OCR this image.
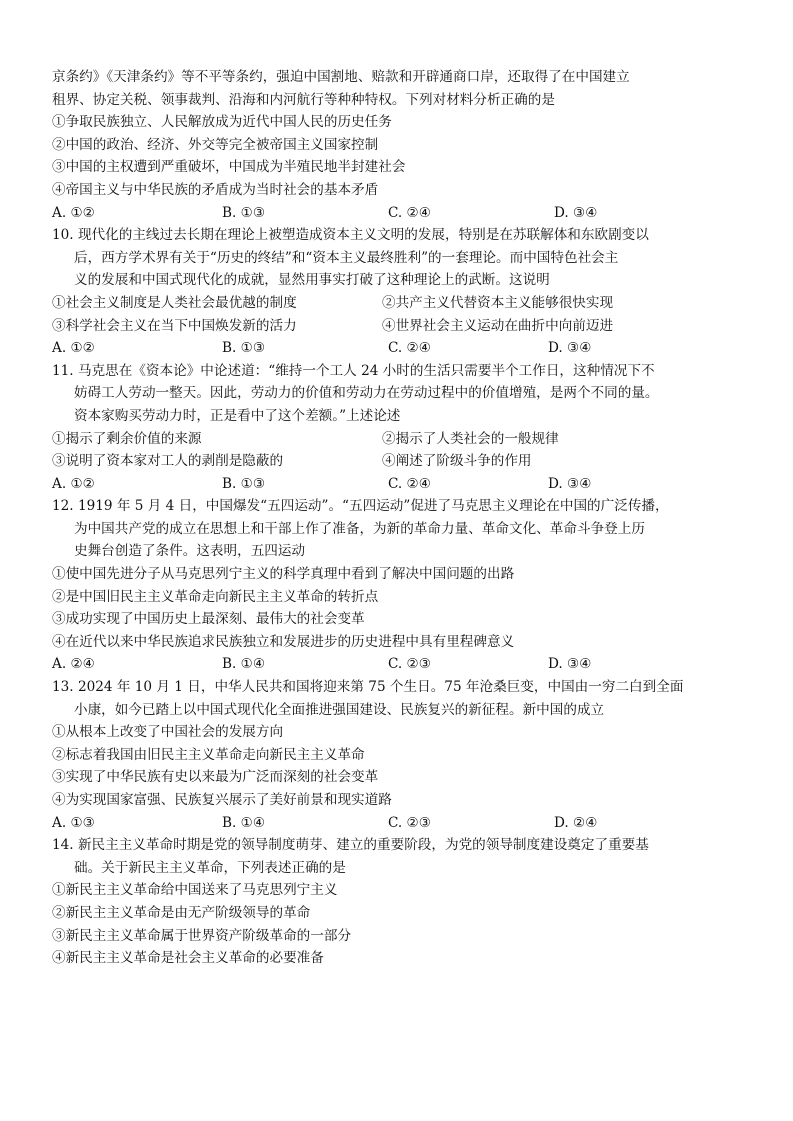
京条约》《天津条约》等不平等条约，强迫中国割地、赔款和开辟通商口岸，还取得了在中国建立
租界、协定关税、领事裁判、沿海和内河航行等种种特权。下列对材料分析正确的是
①争取民族独立、人民解放成为近代中国人民的历史任务
②中国的政治、经济、外交等完全被帝国主义国家控制
③中国的主权遭到严重破坏，中国成为半殖民地半封建社会
④帝国主义与中华民族的矛盾成为当时社会的基本矛盾
A. ①②	B. ①③	C. ②④	D. ③④
10. 现代化的主线过去长期在理论上被塑造成资本主义文明的发展，特别是在苏联解体和东欧剧变以
后，西方学术界有关于“历史的终结”和“资本主义最终胜利”的一套理论。而中国特色社会主
义的发展和中国式现代化的成就，显然用事实打破了这种理论上的武断。这说明
①社会主义制度是人类社会最优越的制度	②共产主义代替资本主义能够很快实现
③科学社会主义在当下中国焕发新的活力	④世界社会主义运动在曲折中向前迈进
A. ①②	B. ①③	C. ②④	D. ③④
11. 马克思在《资本论》中论述道：“维持一个工人 24 小时的生活只需要半个工作日，这种情况下不
妨碍工人劳动一整天。因此，劳动力的价值和劳动力在劳动过程中的价值增殖，是两个不同的量。
资本家购买劳动力时，正是看中了这个差额。”上述论述
①揭示了剩余价值的来源	②揭示了人类社会的一般规律
③说明了资本家对工人的剥削是隐蔽的	④阐述了阶级斗争的作用
A. ①②	B. ①③	C. ②④	D. ③④
12. 1919 年 5 月 4 日，中国爆发“五四运动”。“五四运动”促进了马克思主义理论在中国的广泛传播，
为中国共产党的成立在思想上和干部上作了准备，为新的革命力量、革命文化、革命斗争登上历
史舞台创造了条件。这表明，五四运动
①使中国先进分子从马克思列宁主义的科学真理中看到了解决中国问题的出路
②是中国旧民主主义革命走向新民主主义革命的转折点
③成功实现了中国历史上最深刻、最伟大的社会变革
④在近代以来中华民族追求民族独立和发展进步的历史进程中具有里程碑意义
A. ②④	B. ①④	C. ②③	D. ③④
13. 2024 年 10 月 1 日，中华人民共和国将迎来第 75 个生日。75 年沧桑巨变，中国由一穷二白到全面
小康，如今已踏上以中国式现代化全面推进强国建设、民族复兴的新征程。新中国的成立
①从根本上改变了中国社会的发展方向
②标志着我国由旧民主主义革命走向新民主主义革命
③实现了中华民族有史以来最为广泛而深刻的社会变革
④为实现国家富强、民族复兴展示了美好前景和现实道路
A. ①③	B. ①④	C. ②③	D. ②④
14. 新民主主义革命时期是党的领导制度萌芽、建立的重要阶段，为党的领导制度建设奠定了重要基
础。关于新民主主义革命，下列表述正确的是
①新民主主义革命给中国送来了马克思列宁主义
②新民主主义革命是由无产阶级领导的革命
③新民主主义革命属于世界资产阶级革命的一部分
④新民主主义革命是社会主义革命的必要准备
